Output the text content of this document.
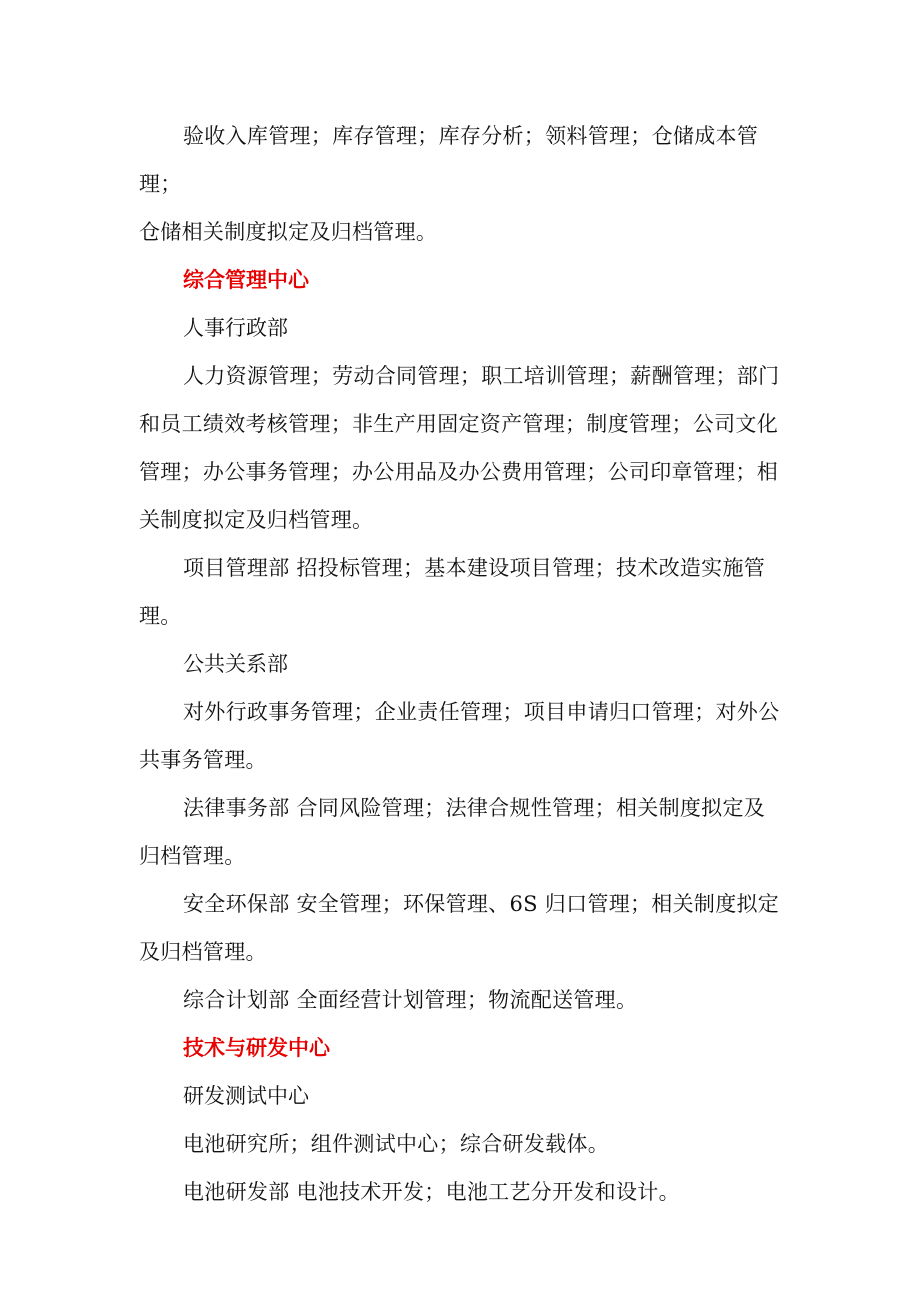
验收入库管理；库存管理；库存分析；领料管理；仓储成本管理；
仓储相关制度拟定及归档管理。

综合管理中心

人事行政部

人力资源管理；劳动合同管理；职工培训管理；薪酬管理；部门
和员工绩效考核管理；非生产用固定资产管理；制度管理；公司文化
管理；办公事务管理；办公用品及办公费用管理；公司印章管理；相
关制度拟定及归档管理。

项目管理部 招投标管理；基本建设项目管理；技术改造实施管
理。

公共关系部

对外行政事务管理；企业责任管理；项目申请归口管理；对外公
共事务管理。

法律事务部 合同风险管理；法律合规性管理；相关制度拟定及
归档管理。

安全环保部 安全管理；环保管理、6S 归口管理；相关制度拟定
及归档管理。

综合计划部 全面经营计划管理；物流配送管理。

技术与研发中心

研发测试中心

电池研究所；组件测试中心；综合研发载体。

电池研发部 电池技术开发；电池工艺分开发和设计。
